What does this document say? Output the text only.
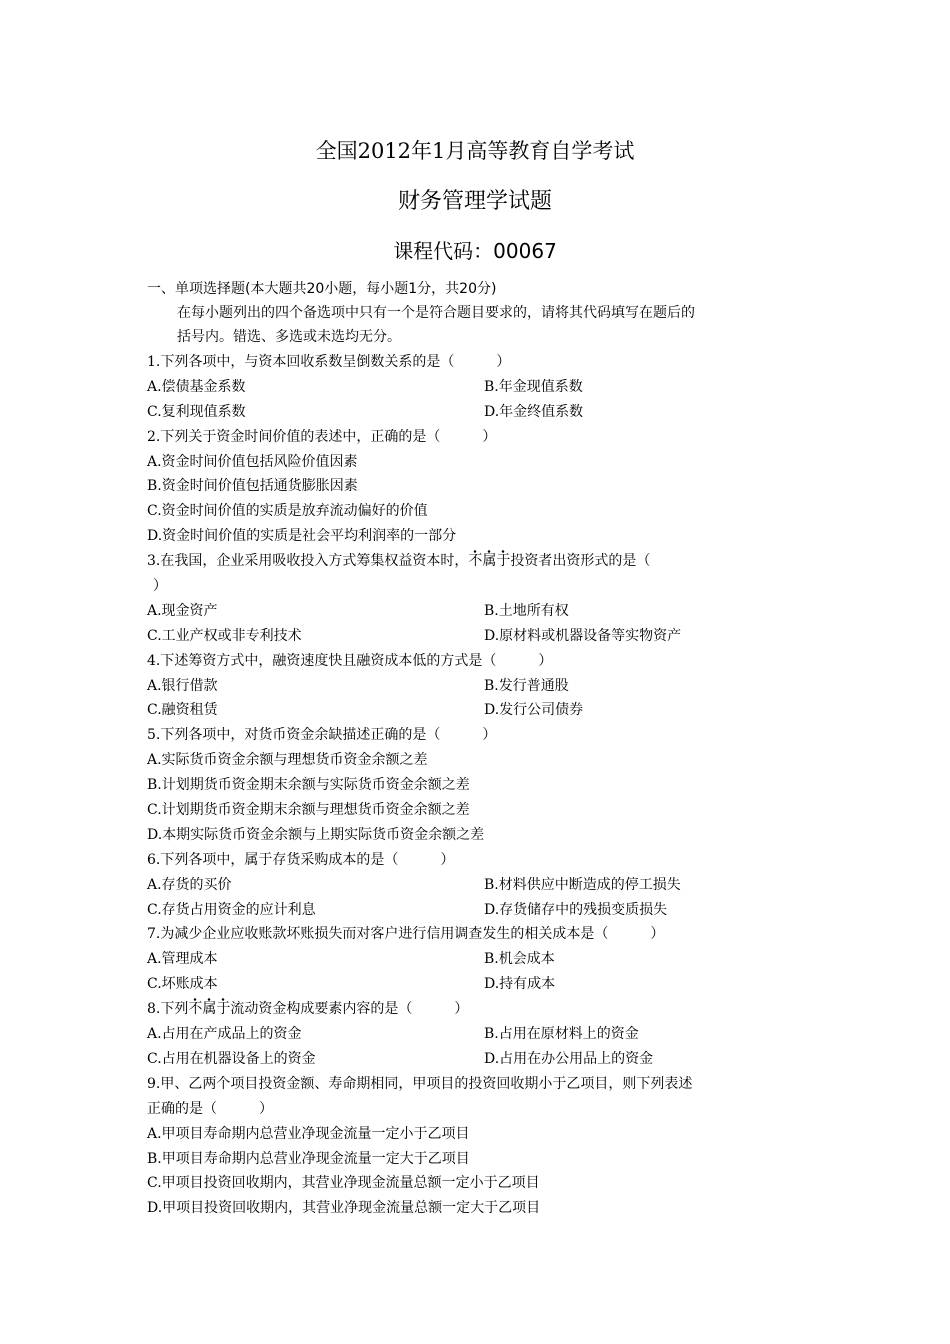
全国2012年1月高等教育自学考试
财务管理学试题
课程代码：00067
一、单项选择题(本大题共20小题，每小题1分，共20分)
在每小题列出的四个备选项中只有一个是符合题目要求的，请将其代码填写在题后的
括号内。错选、多选或未选均无分。
1.下列各项中，与资本回收系数呈倒数关系的是（　　　）
A.偿债基金系数	B.年金现值系数
C.复利现值系数	D.年金终值系数
2.下列关于资金时间价值的表述中，正确的是（　　　）
A.资金时间价值包括风险价值因素
B.资金时间价值包括通货膨胀因素
C.资金时间价值的实质是放弃流动偏好的价值
D.资金时间价值的实质是社会平均利润率的一部分
3.在我国，企业采用吸收投入方式筹集权益资本时，不属于投资者出资形式的是（
）
A.现金资产	B.土地所有权
C.工业产权或非专利技术	D.原材料或机器设备等实物资产
4.下述筹资方式中，融资速度快且融资成本低的方式是（　　　）
A.银行借款	B.发行普通股
C.融资租赁	D.发行公司债券
5.下列各项中，对货币资金余缺描述正确的是（　　　）
A.实际货币资金余额与理想货币资金余额之差
B.计划期货币资金期末余额与实际货币资金余额之差
C.计划期货币资金期末余额与理想货币资金余额之差
D.本期实际货币资金余额与上期实际货币资金余额之差
6.下列各项中，属于存货采购成本的是（　　　）
A.存货的买价	B.材料供应中断造成的停工损失
C.存货占用资金的应计利息	D.存货储存中的残损变质损失
7.为减少企业应收账款坏账损失而对客户进行信用调查发生的相关成本是（　　　）
A.管理成本	B.机会成本
C.坏账成本	D.持有成本
8.下列不属于流动资金构成要素内容的是（　　　）
A.占用在产成品上的资金	B.占用在原材料上的资金
C.占用在机器设备上的资金	D.占用在办公用品上的资金
9.甲、乙两个项目投资金额、寿命期相同，甲项目的投资回收期小于乙项目，则下列表述
正确的是（　　　）
A.甲项目寿命期内总营业净现金流量一定小于乙项目
B.甲项目寿命期内总营业净现金流量一定大于乙项目
C.甲项目投资回收期内，其营业净现金流量总额一定小于乙项目
D.甲项目投资回收期内，其营业净现金流量总额一定大于乙项目
